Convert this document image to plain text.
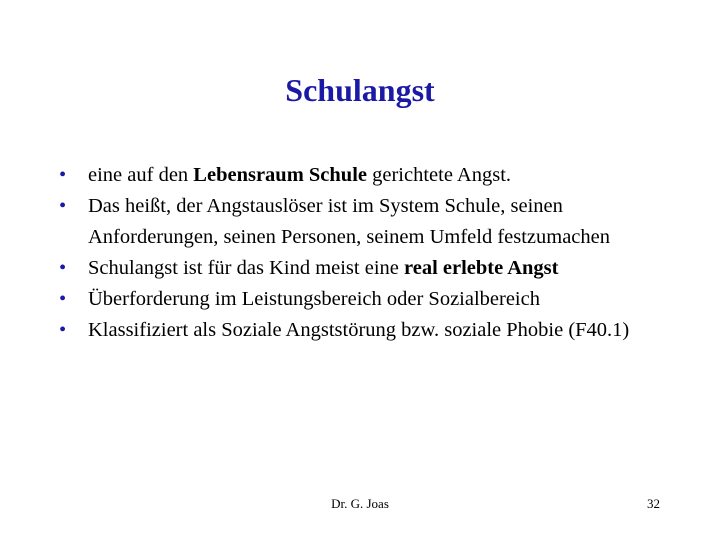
Schulangst
• eine auf den Lebensraum Schule gerichtete Angst.
• Das heißt, der Angstauslöser ist im System Schule, seinen Anforderungen, seinen Personen, seinem Umfeld festzumachen
• Schulangst ist für das Kind meist eine real erlebte Angst
• Überforderung im Leistungsbereich oder Sozialbereich
• Klassifiziert als Soziale Angststörung bzw. soziale Phobie (F40.1)
Dr. G. Joas	32
